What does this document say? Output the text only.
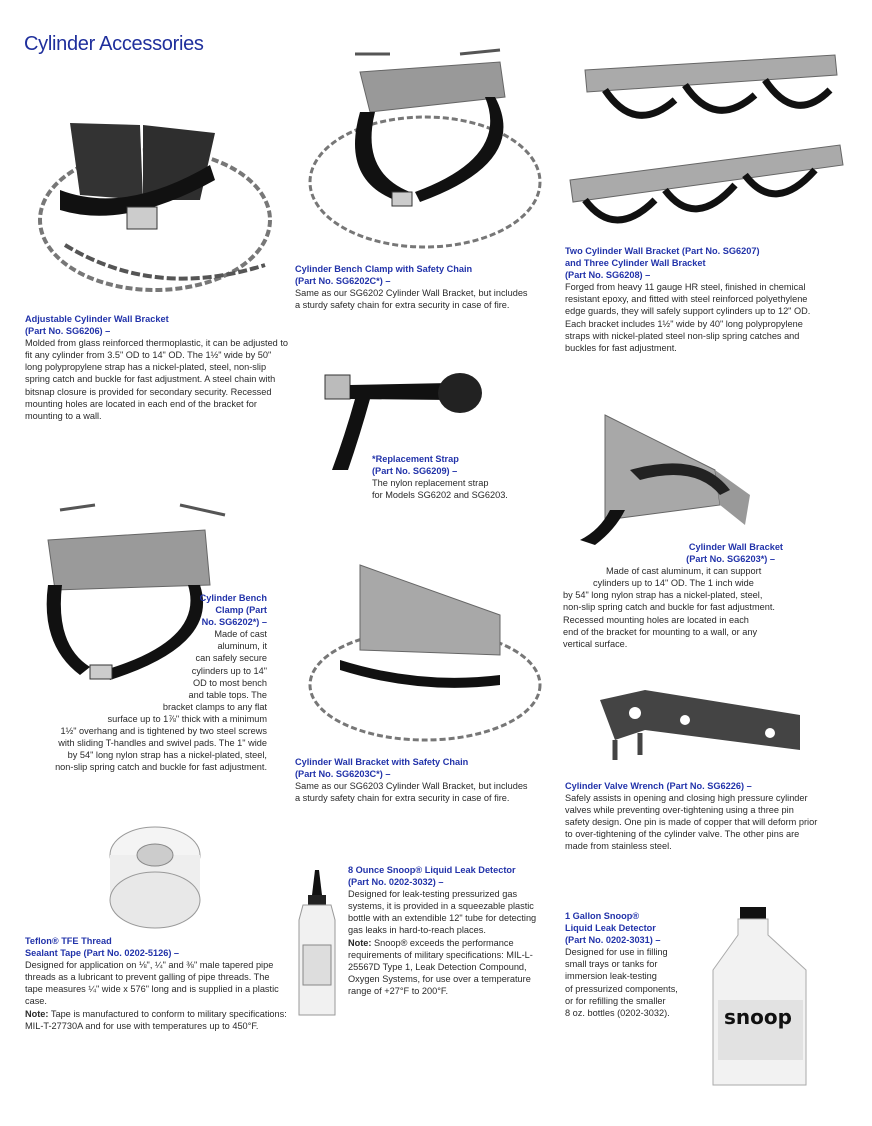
Cylinder Accessories
snoop
Adjustable Cylinder Wall Bracket
(Part No. SG6206) –
Molded from glass reinforced thermoplastic, it can be adjusted to fit any cylinder from 3.5" OD to 14" OD. The 1½" wide by 50" long polypropylene strap has a nickel-plated, steel, non-slip spring catch and buckle for fast adjustment. A steel chain with bitsnap closure is provided for secondary security. Recessed mounting holes are located in each end of the bracket for mounting to a wall.
Cylinder Bench Clamp with Safety Chain
(Part No. SG6202C*) –
Same as our SG6202 Cylinder Wall Bracket, but includes a sturdy safety chain for extra security in case of fire.
Two Cylinder Wall Bracket (Part No. SG6207)
and Three Cylinder Wall Bracket
(Part No. SG6208) –
Forged from heavy 11 gauge HR steel, finished in chemical resistant epoxy, and fitted with steel reinforced polyethylene edge guards, they will safely support cylinders up to 12" OD. Each bracket includes 1½" wide by 40" long polypropylene straps with nickel-plated steel non-slip spring catches and buckles for fast adjustment.
*Replacement Strap
(Part No. SG6209) –
The nylon replacement strap
for Models SG6202 and SG6203.
Cylinder Bench
Clamp (Part
No. SG6202*) –
Made of cast
aluminum, it
can safely secure
cylinders up to 14"
OD to most bench
and table tops. The
bracket clamps to any flat
surface up to 1⅞" thick with a minimum
1½" overhang and is tightened by two steel screws
with sliding T-handles and swivel pads. The 1" wide
by 54" long nylon strap has a nickel-plated, steel,
non-slip spring catch and buckle for fast adjustment.
Cylinder Wall Bracket
(Part No. SG6203*) –
Made of cast aluminum, it can support
cylinders up to 14" OD. The 1 inch wide
by 54" long nylon strap has a nickel-plated, steel,
non-slip spring catch and buckle for fast adjustment.
Recessed mounting holes are located in each
end of the bracket for mounting to a wall, or any
vertical surface.
Cylinder Wall Bracket with Safety Chain
(Part No. SG6203C*) –
Same as our SG6203 Cylinder Wall Bracket, but includes a sturdy safety chain for extra security in case of fire.
Cylinder Valve Wrench (Part No. SG6226) –
Safely assists in opening and closing high pressure cylinder valves while preventing over-tightening using a three pin safety design. One pin is made of copper that will deform prior to over-tightening of the cylinder valve. The other pins are made from stainless steel.
8 Ounce Snoop® Liquid Leak Detector
(Part No. 0202-3032) –
Designed for leak-testing pressurized gas systems, it is provided in a squeezable plastic bottle with an extendible 12" tube for detecting gas leaks in hard-to-reach places.
Note: Snoop® exceeds the performance requirements of military specifications: MIL-L-25567D Type 1, Leak Detection Compound, Oxygen Systems, for use over a temperature range of +27°F to 200°F.
Teflon® TFE Thread
Sealant Tape (Part No. 0202-5126) –
Designed for application on ⅛", ¼" and ⅜" male tapered pipe threads as a lubricant to prevent galling of pipe threads. The tape measures ¼" wide x 576" long and is supplied in a plastic case.
Note: Tape is manufactured to conform to military specifications: MIL-T-27730A and for use with temperatures up to 450°F.
1 Gallon Snoop®
Liquid Leak Detector
(Part No. 0202-3031) –
Designed for use in filling
small trays or tanks for
immersion leak-testing
of pressurized components,
or for refilling the smaller
8 oz. bottles (0202-3032).
